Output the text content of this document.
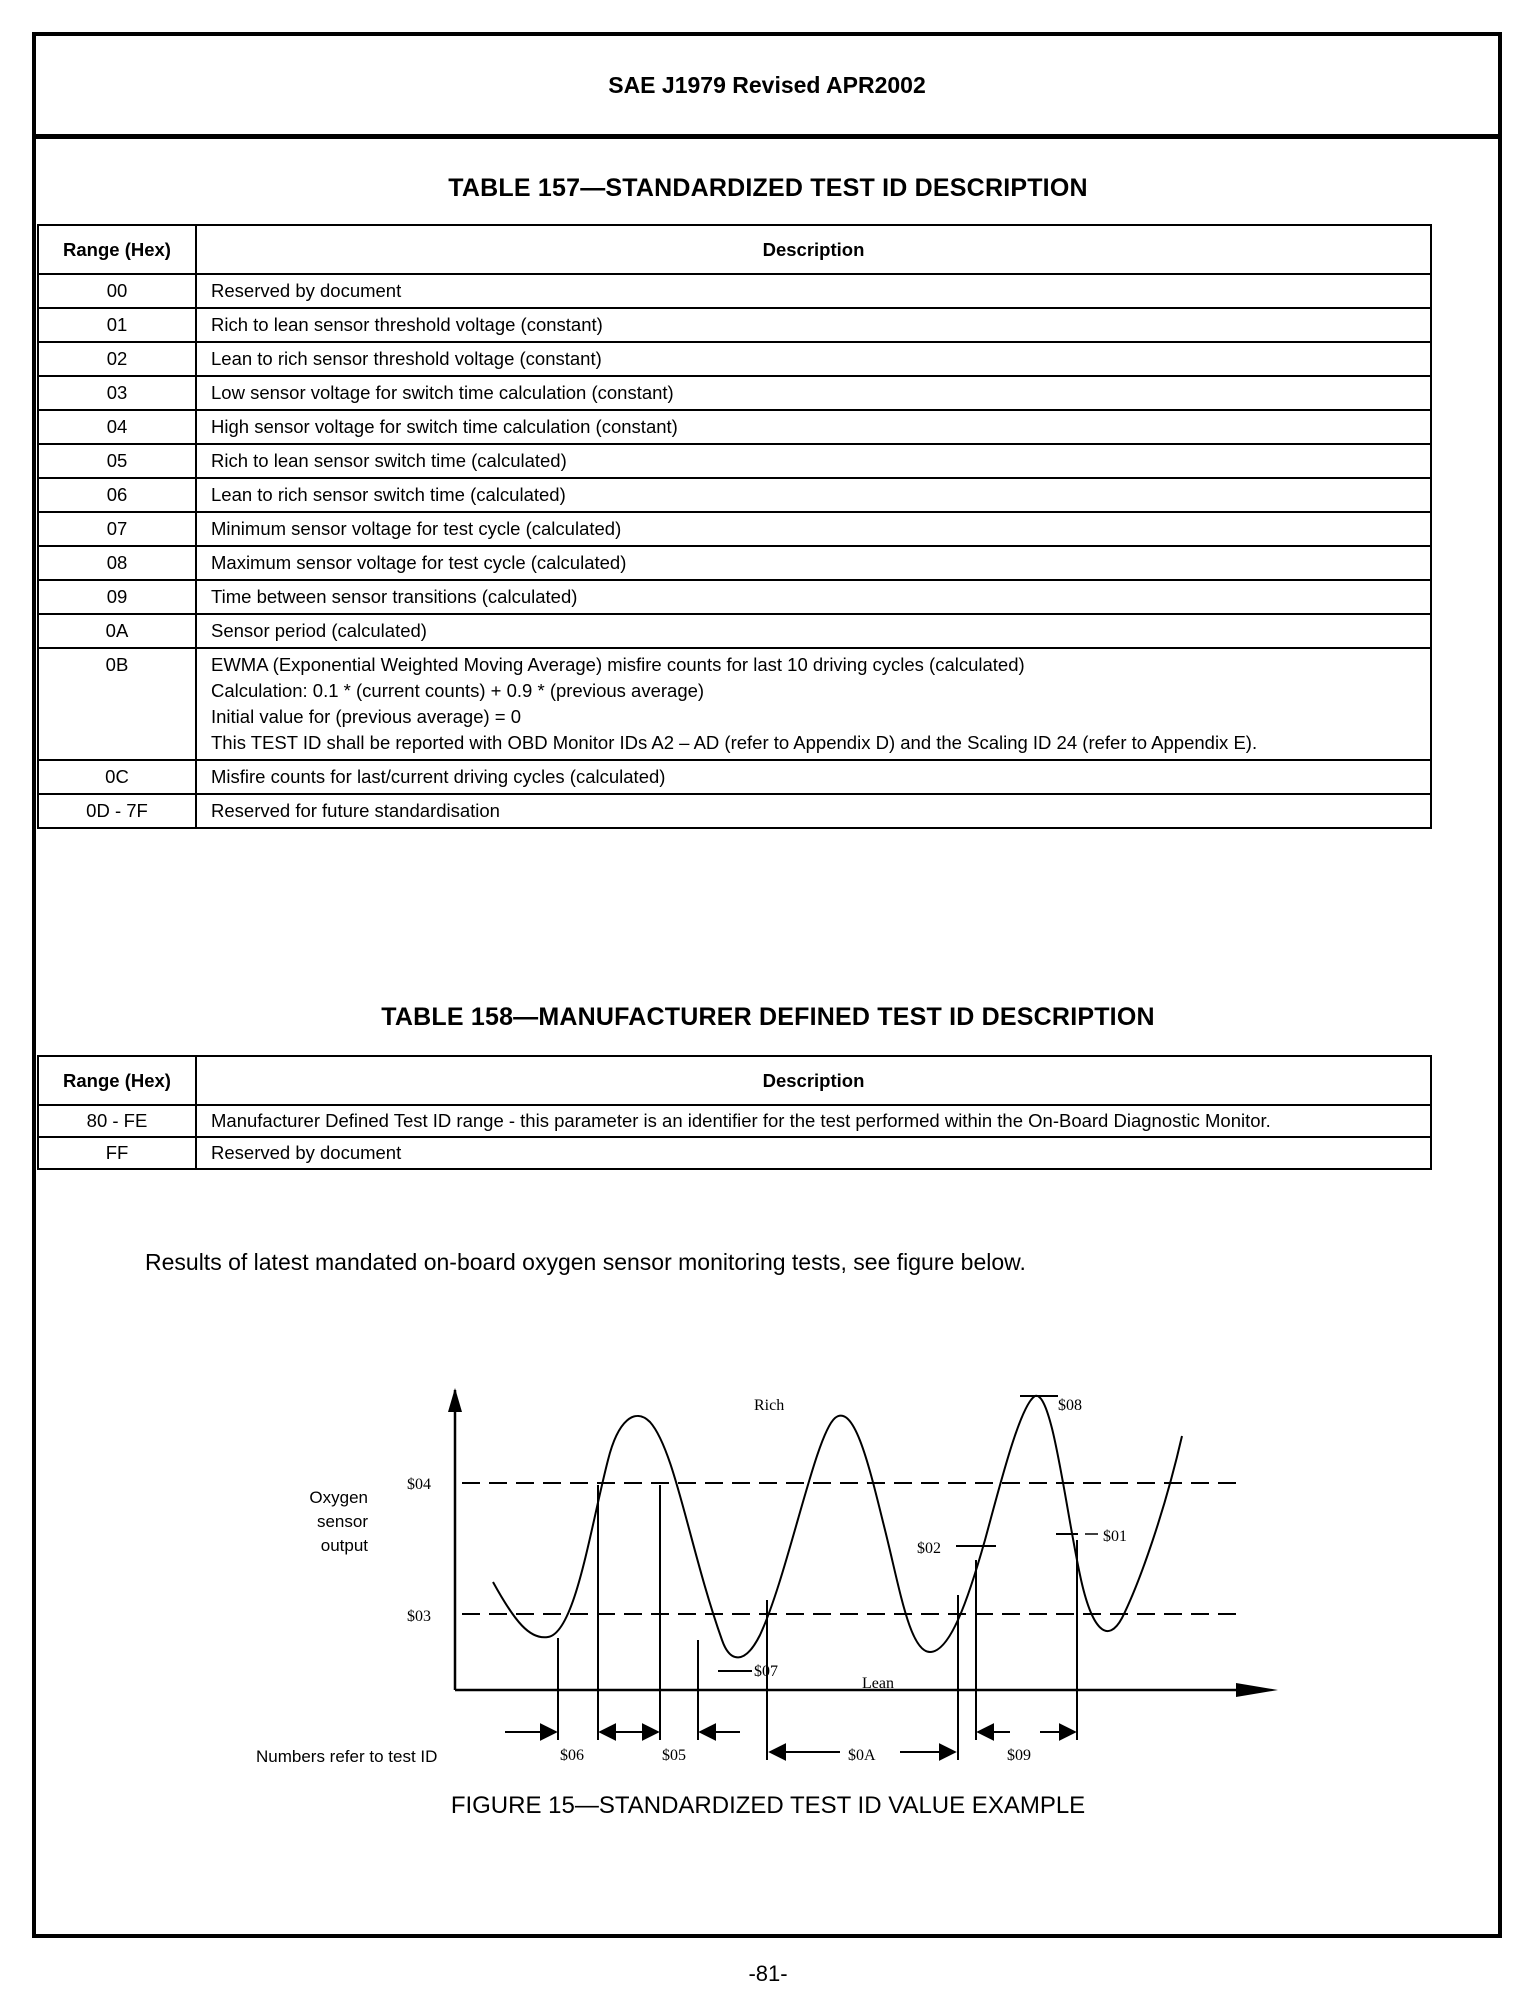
SAE J1979 Revised APR2002
TABLE 157—STANDARDIZED TEST ID DESCRIPTION
Range (Hex)	Description
00	Reserved by document
01	Rich to lean sensor threshold voltage (constant)
02	Lean to rich sensor threshold voltage (constant)
03	Low sensor voltage for switch time calculation (constant)
04	High sensor voltage for switch time calculation (constant)
05	Rich to lean sensor switch time (calculated)
06	Lean to rich sensor switch time (calculated)
07	Minimum sensor voltage for test cycle (calculated)
08	Maximum sensor voltage for test cycle (calculated)
09	Time between sensor transitions (calculated)
0A	Sensor period (calculated)
0B	EWMA (Exponential Weighted Moving Average) misfire counts for last 10 driving cycles (calculated)
Calculation: 0.1 * (current counts) + 0.9 * (previous average)
Initial value for (previous average) = 0
This TEST ID shall be reported with OBD Monitor IDs A2 – AD (refer to Appendix D) and the Scaling ID 24 (refer to Appendix E).
0C	Misfire counts for last/current driving cycles (calculated)
0D - 7F	Reserved for future standardisation
TABLE 158—MANUFACTURER DEFINED TEST ID DESCRIPTION
Range (Hex)	Description
80 - FE	Manufacturer Defined Test ID range - this parameter is an identifier for the test performed within the On-Board Diagnostic Monitor.
FF	Reserved by document
Results of latest mandated on-board oxygen sensor monitoring tests, see figure below.
Oxygen
sensor
output
Numbers refer to test ID
Rich
Lean
$04
$03
$08
$07
$02
$01
$06	$05	$0A	$09
FIGURE 15—STANDARDIZED TEST ID VALUE EXAMPLE
-81-
